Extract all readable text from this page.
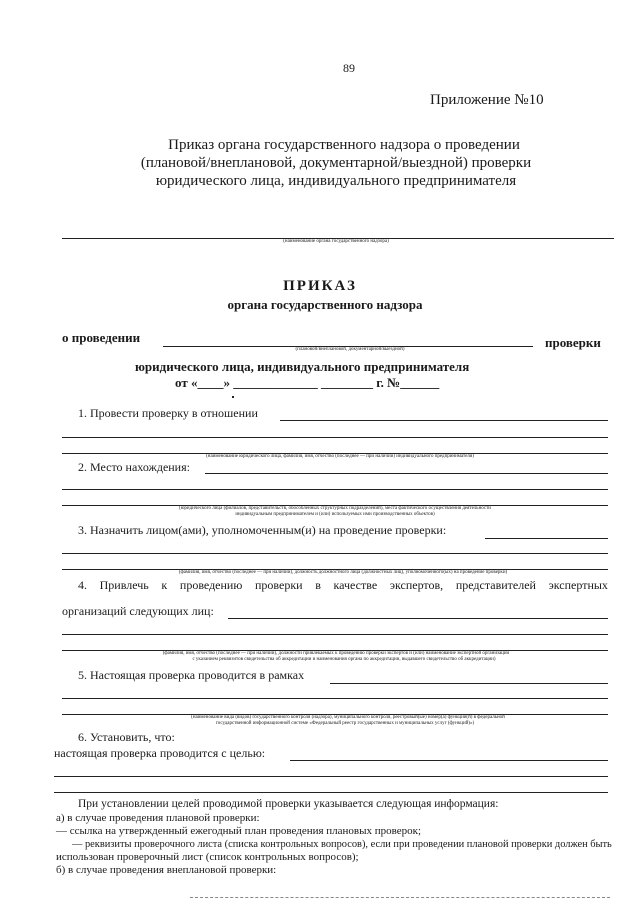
89
Приложение №10
Приказ органа государственного надзора о проведении
(плановой/внеплановой, документарной/выездной) проверки
юридического лица, индивидуального предпринимателя
(наименование органа государственного надзора)
ПРИКАЗ
органа государственного надзора
о проведении
(плановой/внеплановой, документарной/выездной)	проверки
юридического лица, индивидуального предпринимателя
от «____» _____________ ________ г. №______
1. Провести проверку в отношении
(наименование юридического лица, фамилия, имя, отчество (последнее — при наличии) индивидуального предпринимателя)
2. Место нахождения:
(юридического лица (филиалов, представительств, обособленных структурных подразделений), места фактического осуществления деятельности
индивидуальным предпринимателем и (или) используемых ими производственных объектов)
3. Назначить лицом(ами), уполномоченным(и) на проведение проверки:
(фамилия, имя, отчество (последнее — при наличии), должность должностного лица (должностных лиц), уполномоченного(ых) на проведение проверки)
4. Привлечь к проведению проверки в качестве экспертов, представителей экспертных
организаций следующих лиц:
(фамилия, имя, отчество (последнее — при наличии), должности привлекаемых к проведению проверки экспертов и (или) наименование экспертной организации
с указанием реквизитов свидетельства об аккредитации и наименования органа по аккредитации, выдавшего свидетельство об аккредитации)
5. Настоящая проверка проводится в рамках
(наименование вида (видов) государственного контроля (надзора), муниципального контроля, реестровый(ые) номер(а) функции(й) в федеральной
государственной информационной системе «Федеральный реестр государственных и муниципальных услуг (функций)»)
6. Установить, что:
настоящая проверка проводится с целью:
При установлении целей проводимой проверки указывается следующая информация:
а) в случае проведения плановой проверки:
— ссылка на утвержденный ежегодный план проведения плановых проверок;
— реквизиты проверочного листа (списка контрольных вопросов), если при проведении плановой проверки должен быть
использован проверочный лист (список контрольных вопросов);
б) в случае проведения внеплановой проверки:
